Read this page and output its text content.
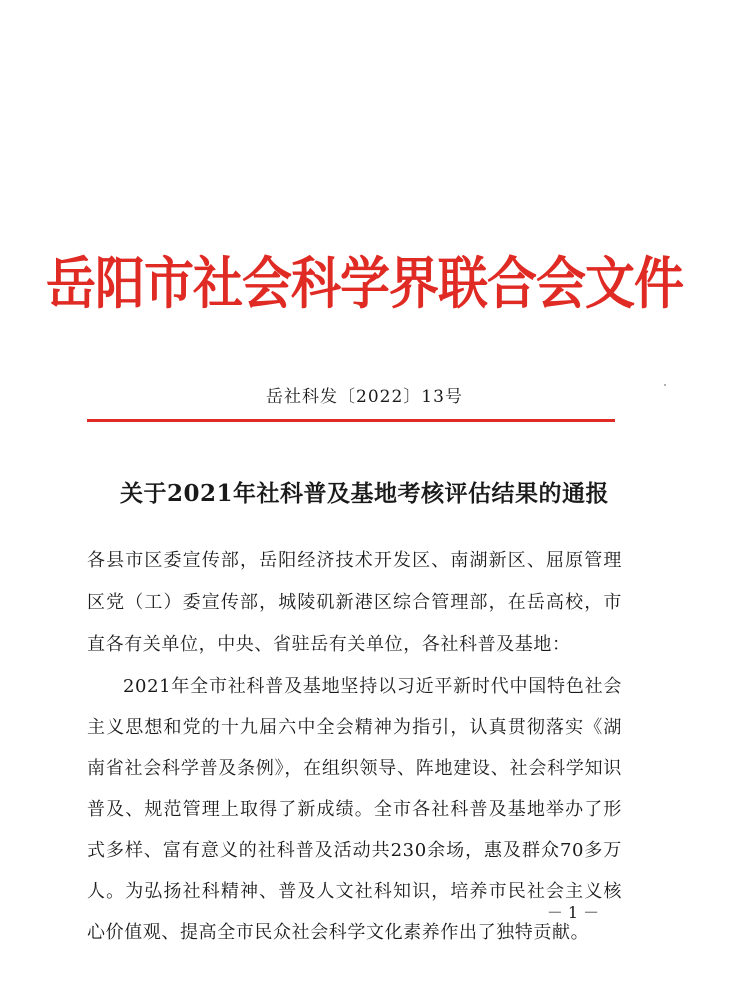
岳阳市社会科学界联合会文件
岳社科发〔2022〕13号
关于2021年社科普及基地考核评估结果的通报
各县市区委宣传部，岳阳经济技术开发区、南湖新区、屈原管理区党（工）委宣传部，城陵矶新港区综合管理部，在岳高校，市直各有关单位，中央、省驻岳有关单位，各社科普及基地：
2021年全市社科普及基地坚持以习近平新时代中国特色社会主义思想和党的十九届六中全会精神为指引，认真贯彻落实《湖南省社会科学普及条例》，在组织领导、阵地建设、社会科学知识普及、规范管理上取得了新成绩。全市各社科普及基地举办了形式多样、富有意义的社科普及活动共230余场，惠及群众70多万人。为弘扬社科精神、普及人文社科知识，培养市民社会主义核心价值观、提高全市民众社会科学文化素养作出了独特贡献。
－ 1 －
